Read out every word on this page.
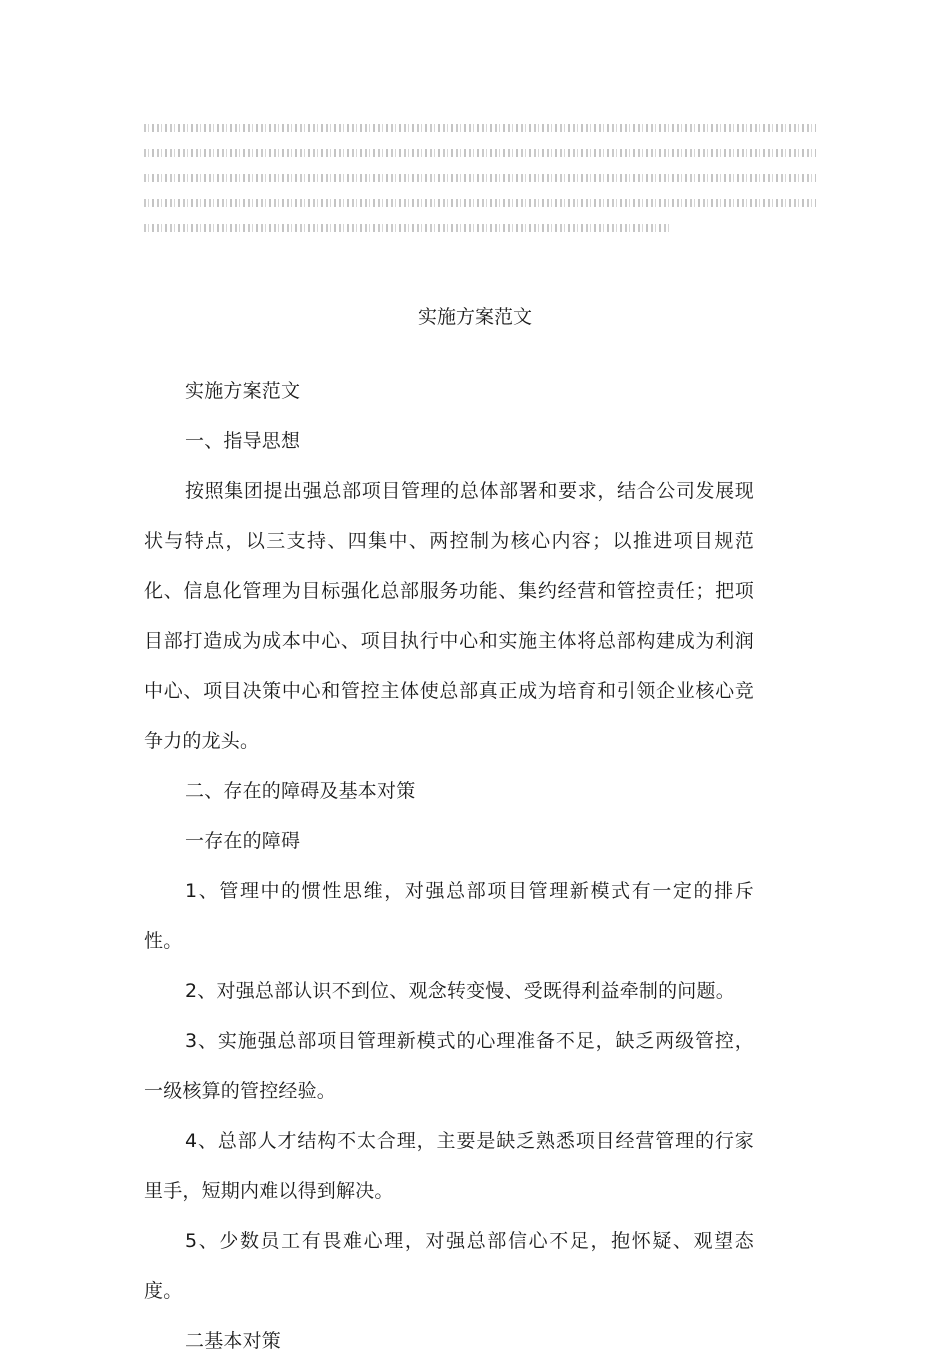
实施方案范文

实施方案范文

一、指导思想

按照集团提出强总部项目管理的总体部署和要求，结合公司发展现状与特点，以三支持、四集中、两控制为核心内容；以推进项目规范化、信息化管理为目标强化总部服务功能、集约经营和管控责任；把项目部打造成为成本中心、项目执行中心和实施主体将总部构建成为利润中心、项目决策中心和管控主体使总部真正成为培育和引领企业核心竞争力的龙头。

二、存在的障碍及基本对策

一存在的障碍

1、管理中的惯性思维，对强总部项目管理新模式有一定的排斥性。

2、对强总部认识不到位、观念转变慢、受既得利益牵制的问题。

3、实施强总部项目管理新模式的心理准备不足，缺乏两级管控，一级核算的管控经验。

4、总部人才结构不太合理，主要是缺乏熟悉项目经营管理的行家里手，短期内难以得到解决。

5、少数员工有畏难心理，对强总部信心不足，抱怀疑、观望态度。

二基本对策
